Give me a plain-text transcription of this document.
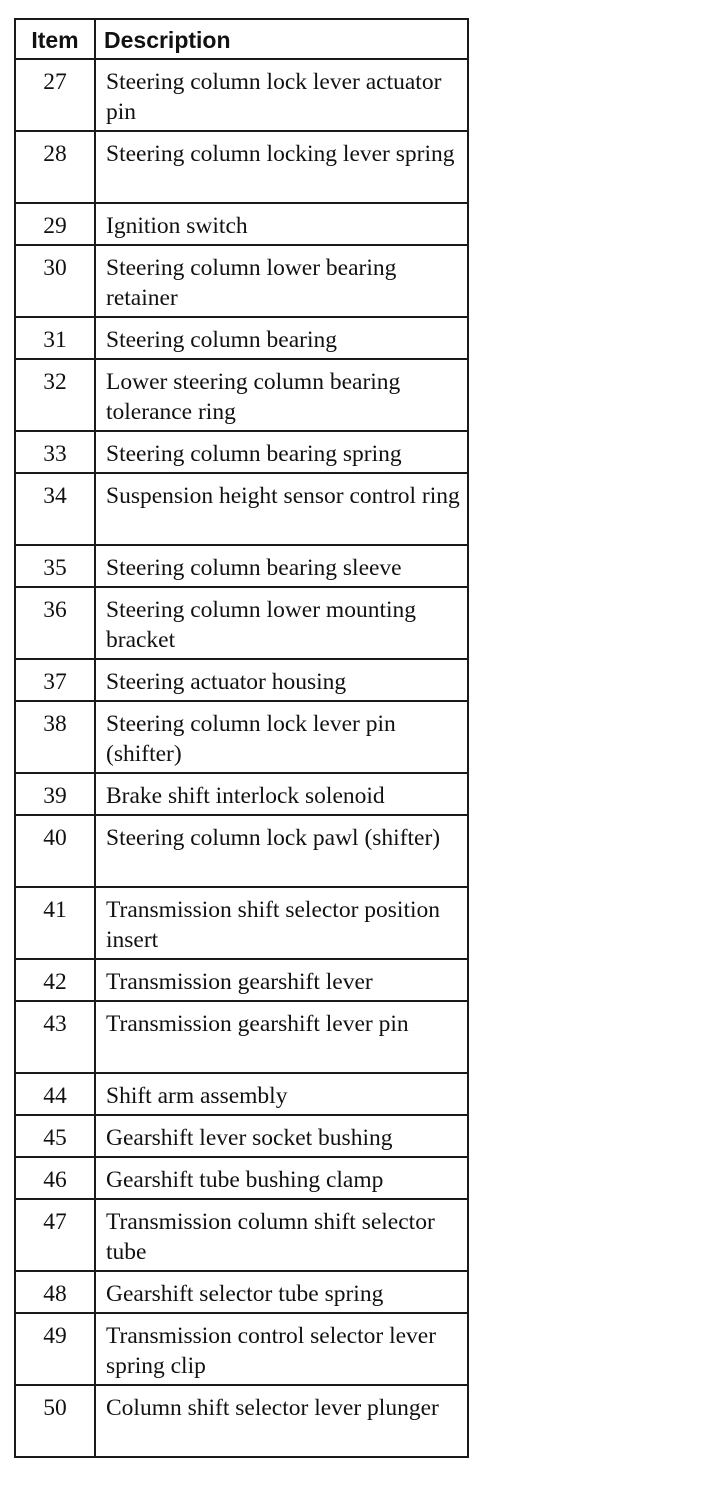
Item	Description
27	Steering column lock lever actuator pin
28	Steering column locking lever spring
29	Ignition switch
30	Steering column lower bearing retainer
31	Steering column bearing
32	Lower steering column bearing tolerance ring
33	Steering column bearing spring
34	Suspension height sensor control ring
35	Steering column bearing sleeve
36	Steering column lower mounting bracket
37	Steering actuator housing
38	Steering column lock lever pin (shifter)
39	Brake shift interlock solenoid
40	Steering column lock pawl (shifter)
41	Transmission shift selector position insert
42	Transmission gearshift lever
43	Transmission gearshift lever pin
44	Shift arm assembly
45	Gearshift lever socket bushing
46	Gearshift tube bushing clamp
47	Transmission column shift selector tube
48	Gearshift selector tube spring
49	Transmission control selector lever spring clip
50	Column shift selector lever plunger
